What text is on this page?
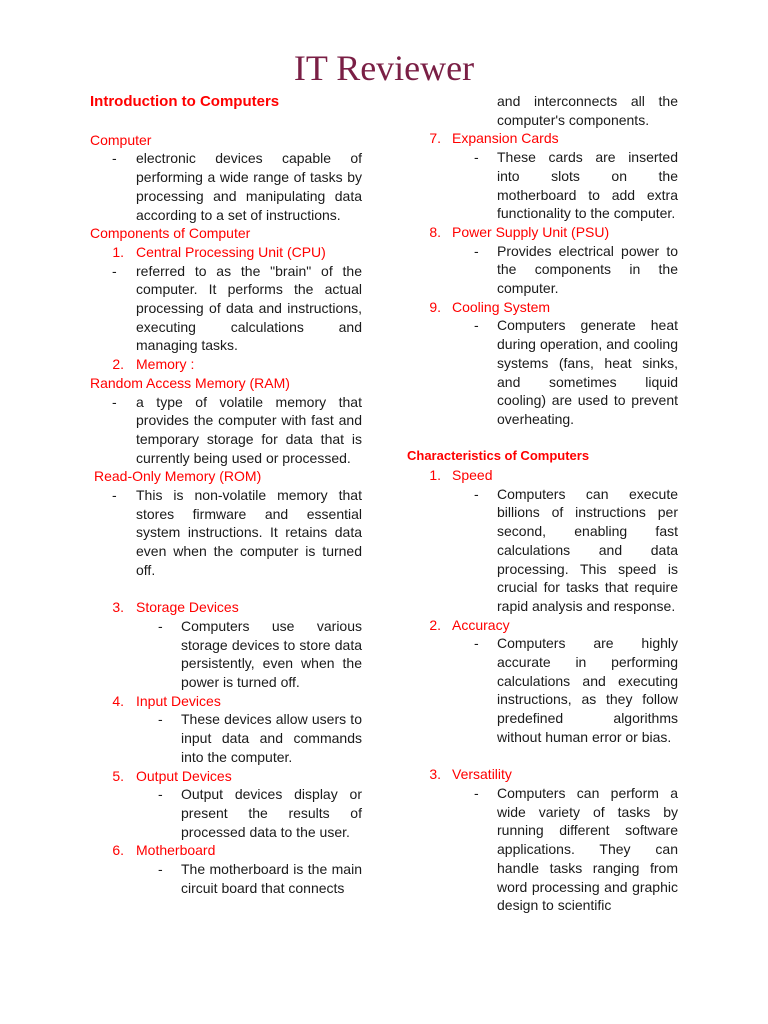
IT Reviewer
Introduction to Computers
Computer
- electronic devices capable of performing a wide range of tasks by processing and manipulating data according to a set of instructions.
Components of Computer
1. Central Processing Unit (CPU)
- referred to as the "brain" of the computer. It performs the actual processing of data and instructions, executing calculations and managing tasks.
2. Memory :
Random Access Memory (RAM)
- a type of volatile memory that provides the computer with fast and temporary storage for data that is currently being used or processed.
Read-Only Memory (ROM)
- This is non-volatile memory that stores firmware and essential system instructions. It retains data even when the computer is turned off.
3. Storage Devices
- Computers use various storage devices to store data persistently, even when the power is turned off.
4. Input Devices
- These devices allow users to input data and commands into the computer.
5. Output Devices
- Output devices display or present the results of processed data to the user.
6. Motherboard
- The motherboard is the main circuit board that connects
and interconnects all the computer's components.
7. Expansion Cards
- These cards are inserted into slots on the motherboard to add extra functionality to the computer.
8. Power Supply Unit (PSU)
- Provides electrical power to the components in the computer.
9. Cooling System
- Computers generate heat during operation, and cooling systems (fans, heat sinks, and sometimes liquid cooling) are used to prevent overheating.
Characteristics of Computers
1. Speed
- Computers can execute billions of instructions per second, enabling fast calculations and data processing. This speed is crucial for tasks that require rapid analysis and response.
2. Accuracy
- Computers are highly accurate in performing calculations and executing instructions, as they follow predefined algorithms without human error or bias.
3. Versatility
- Computers can perform a wide variety of tasks by running different software applications. They can handle tasks ranging from word processing and graphic design to scientific
